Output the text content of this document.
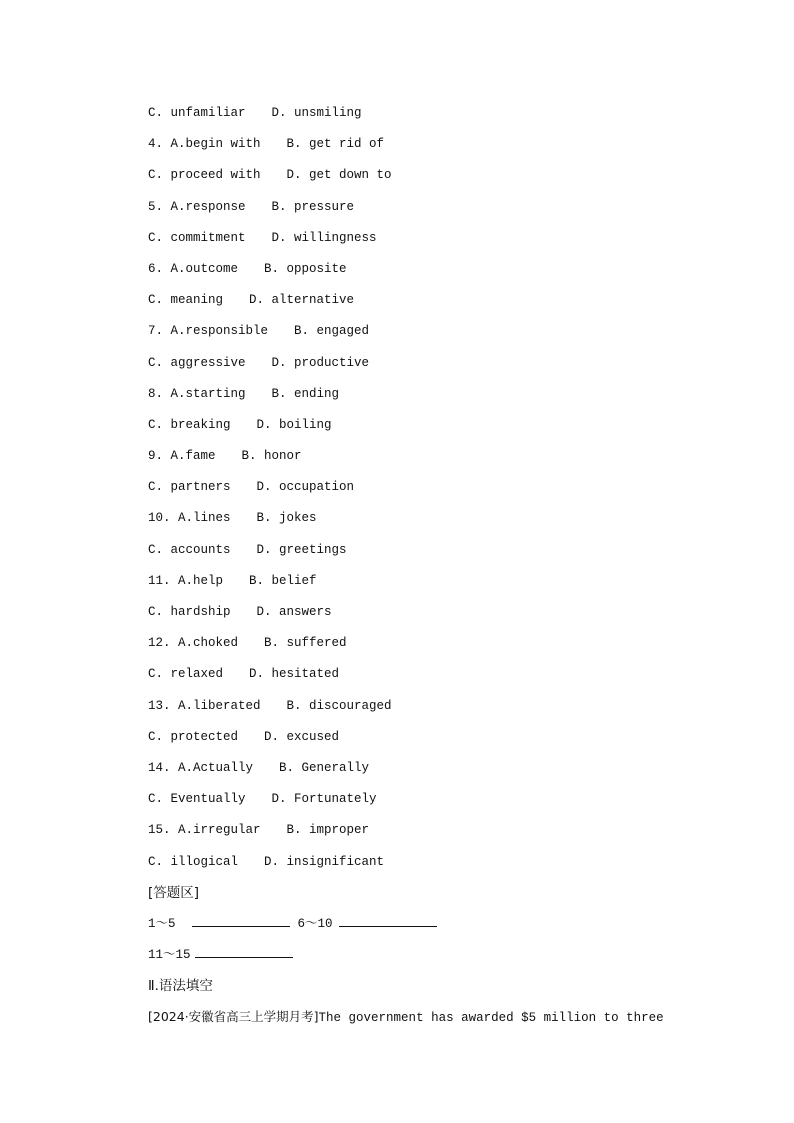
C. unfamiliar D. unsmiling
4. A.begin with B. get rid of
C. proceed with D. get down to
5. A.response B. pressure
C. commitment D. willingness
6. A.outcome B. opposite
C. meaning D. alternative
7. A.responsible B. engaged
C. aggressive D. productive
8. A.starting B. ending
C. breaking D. boiling
9. A.fame B. honor
C. partners D. occupation
10. A.lines B. jokes
C. accounts D. greetings
11. A.help B. belief
C. hardship D. answers
12. A.choked B. suffered
C. relaxed D. hesitated
13. A.liberated B. discouraged
C. protected D. excused
14. A.Actually B. Generally
C. Eventually D. Fortunately
15. A.irregular B. improper
C. illogical D. insignificant
[答题区]
1～5	6～10
11～15
Ⅱ.语法填空
[2024·安徽省高三上学期月考]The government has awarded $5 million to three
